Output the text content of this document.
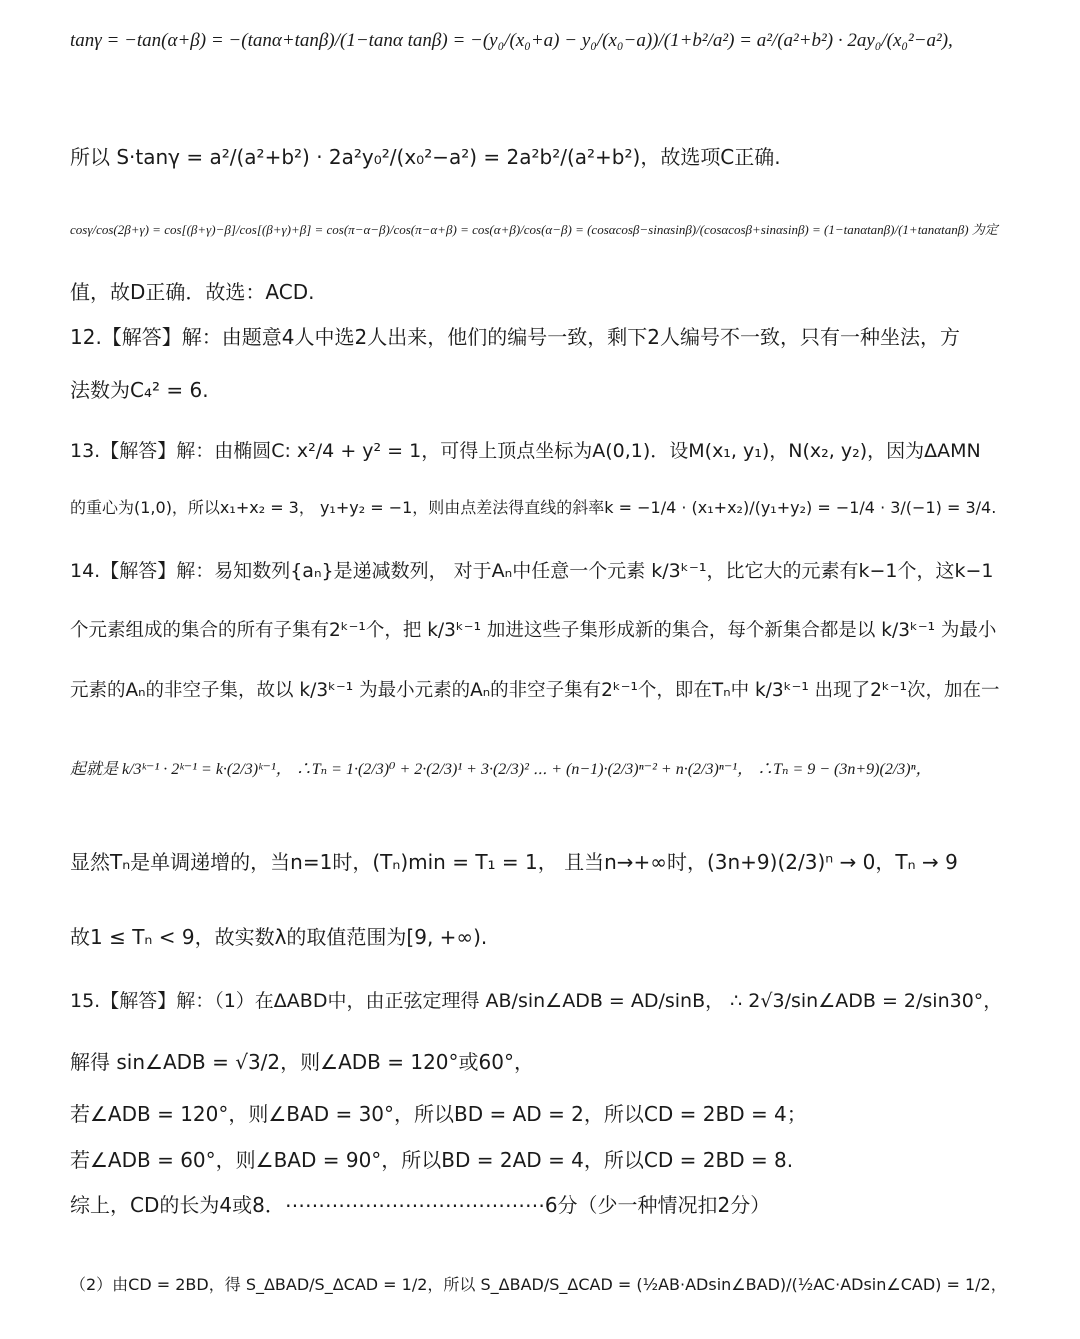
tanγ = −tan(α+β) = −(tanα+tanβ)/(1−tanα tanβ) = −(y₀/(x₀+a) − y₀/(x₀−a))/(1+b²/a²) = a²/(a²+b²) · 2ay₀/(x₀²−a²),
所以 S·tanγ = a²/(a²+b²) · 2a²y₀²/(x₀²−a²) = 2a²b²/(a²+b²)，故选项C正确.
cosγ/cos(2β+γ) = cos[(β+γ)−β]/cos[(β+γ)+β] = cos(π−α−β)/cos(π−α+β) = cos(α+β)/cos(α−β) = (cosαcosβ−sinαsinβ)/(cosαcosβ+sinαsinβ) = (1−tanαtanβ)/(1+tanαtanβ) 为定
值，故D正确．故选：ACD.
12.【解答】解：由题意4人中选2人出来，他们的编号一致，剩下2人编号不一致，只有一种坐法，方
法数为C₄² = 6.
13.【解答】解：由椭圆C: x²/4 + y² = 1，可得上顶点坐标为A(0,1)．设M(x₁, y₁)，N(x₂, y₂)，因为ΔAMN
的重心为(1,0)，所以x₁+x₂ = 3， y₁+y₂ = −1，则由点差法得直线的斜率k = −1/4 · (x₁+x₂)/(y₁+y₂) = −1/4 · 3/(−1) = 3/4.
14.【解答】解：易知数列{aₙ}是递减数列， 对于Aₙ中任意一个元素 k/3ᵏ⁻¹，比它大的元素有k−1个，这k−1
个元素组成的集合的所有子集有2ᵏ⁻¹个，把 k/3ᵏ⁻¹ 加进这些子集形成新的集合，每个新集合都是以 k/3ᵏ⁻¹ 为最小
元素的Aₙ的非空子集，故以 k/3ᵏ⁻¹ 为最小元素的Aₙ的非空子集有2ᵏ⁻¹个，即在Tₙ中 k/3ᵏ⁻¹ 出现了2ᵏ⁻¹次，加在一
起就是 k/3ᵏ⁻¹ · 2ᵏ⁻¹ = k·(2/3)ᵏ⁻¹， ∴Tₙ = 1·(2/3)⁰ + 2·(2/3)¹ + 3·(2/3)² ⋯ + (n−1)·(2/3)ⁿ⁻² + n·(2/3)ⁿ⁻¹， ∴Tₙ = 9 − (3n+9)(2/3)ⁿ，
显然Tₙ是单调递增的，当n=1时，(Tₙ)min = T₁ = 1， 且当n→+∞时，(3n+9)(2/3)ⁿ → 0，Tₙ → 9
故1 ≤ Tₙ < 9，故实数λ的取值范围为[9, +∞).
15.【解答】解：（1）在ΔABD中，由正弦定理得 AB/sin∠ADB = AD/sinB， ∴ 2√3/sin∠ADB = 2/sin30°，
解得 sin∠ADB = √3/2，则∠ADB = 120°或60°，
若∠ADB = 120°，则∠BAD = 30°，所以BD = AD = 2，所以CD = 2BD = 4；
若∠ADB = 60°，则∠BAD = 90°，所以BD = 2AD = 4，所以CD = 2BD = 8.
综上，CD的长为4或8．⋯⋯⋯⋯⋯⋯⋯⋯⋯⋯⋯⋯⋯6分（少一种情况扣2分）
（2）由CD = 2BD，得 S_ΔBAD/S_ΔCAD = 1/2，所以 S_ΔBAD/S_ΔCAD = (½AB·ADsin∠BAD)/(½AC·ADsin∠CAD) = 1/2，
